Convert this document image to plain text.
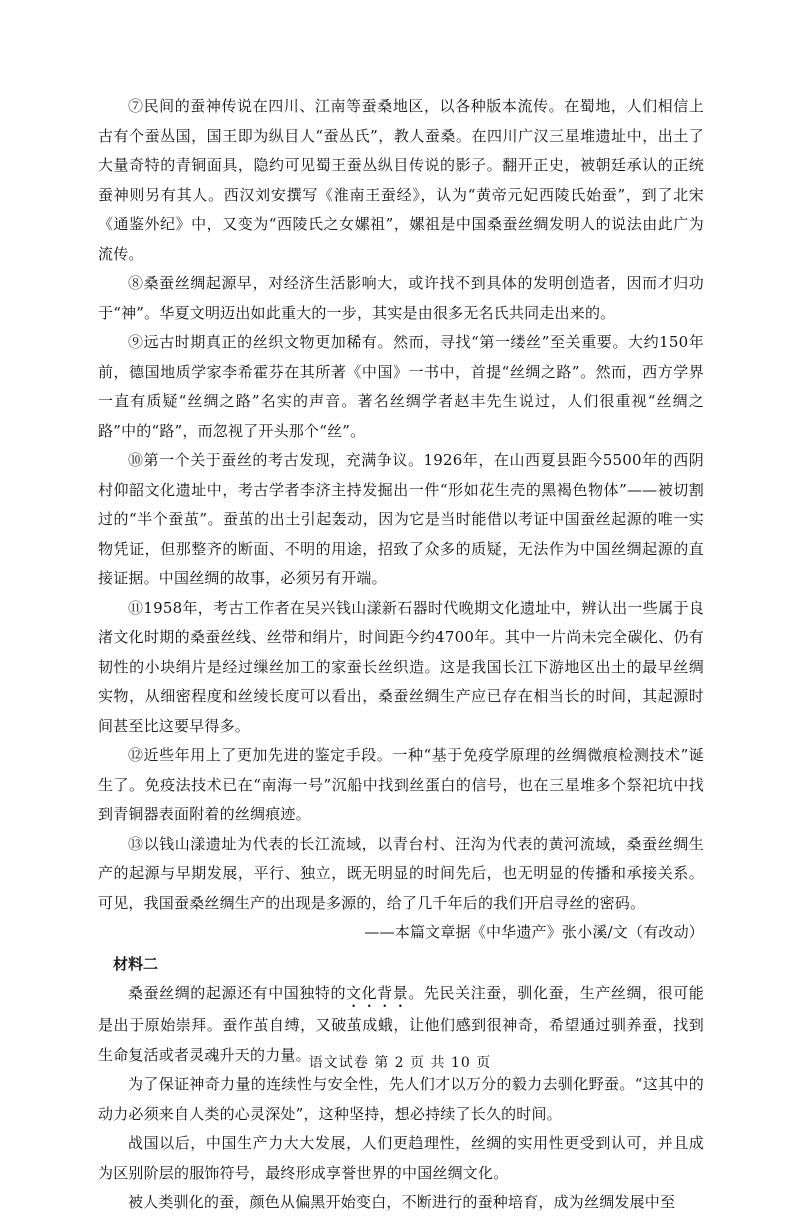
⑦民间的蚕神传说在四川、江南等蚕桑地区，以各种版本流传。在蜀地，人们相信上古有个蚕丛国，国王即为纵目人“蚕丛氏”，教人蚕桑。在四川广汉三星堆遗址中，出土了大量奇特的青铜面具，隐约可见蜀王蚕丛纵目传说的影子。翻开正史，被朝廷承认的正统蚕神则另有其人。西汉刘安撰写《淮南王蚕经》，认为“黄帝元妃西陵氏始蚕”，到了北宋《通鉴外纪》中，又变为“西陵氏之女嫘祖”，嫘祖是中国桑蚕丝绸发明人的说法由此广为流传。

⑧桑蚕丝绸起源早，对经济生活影响大，或许找不到具体的发明创造者，因而才归功于“神”。华夏文明迈出如此重大的一步，其实是由很多无名氏共同走出来的。

⑨远古时期真正的丝织文物更加稀有。然而，寻找“第一缕丝”至关重要。大约150年前，德国地质学家李希霍芬在其所著《中国》一书中，首提“丝绸之路”。然而，西方学界一直有质疑“丝绸之路”名实的声音。著名丝绸学者赵丰先生说过，人们很重视“丝绸之路”中的“路”，而忽视了开头那个“丝”。

⑩第一个关于蚕丝的考古发现，充满争议。1926年，在山西夏县距今5500年的西阴村仰韶文化遗址中，考古学者李济主持发掘出一件“形如花生壳的黑褐色物体”——被切割过的“半个蚕茧”。蚕茧的出土引起轰动，因为它是当时能借以考证中国蚕丝起源的唯一实物凭证，但那整齐的断面、不明的用途，招致了众多的质疑，无法作为中国丝绸起源的直接证据。中国丝绸的故事，必须另有开端。

⑪1958年，考古工作者在吴兴钱山漾新石器时代晚期文化遗址中，辨认出一些属于良渚文化时期的桑蚕丝线、丝带和绢片，时间距今约4700年。其中一片尚未完全碳化、仍有韧性的小块绢片是经过缫丝加工的家蚕长丝织造。这是我国长江下游地区出土的最早丝绸实物，从细密程度和丝绫长度可以看出，桑蚕丝绸生产应已存在相当长的时间，其起源时间甚至比这要早得多。

⑫近些年用上了更加先进的鉴定手段。一种“基于免疫学原理的丝绸微痕检测技术”诞生了。免疫法技术已在“南海一号”沉船中找到丝蛋白的信号，也在三星堆多个祭祀坑中找到青铜器表面附着的丝绸痕迹。

⑬以钱山漾遗址为代表的长江流域，以青台村、汪沟为代表的黄河流域，桑蚕丝绸生产的起源与早期发展，平行、独立，既无明显的时间先后，也无明显的传播和承接关系。可见，我国蚕桑丝绸生产的出现是多源的，给了几千年后的我们开启寻丝的密码。

——本篇文章据《中华遗产》张小溪/文（有改动）

材料二

桑蚕丝绸的起源还有中国独特的文化背景。先民关注蚕，驯化蚕，生产丝绸，很可能是出于原始崇拜。蚕作茧自缚，又破茧成蛾，让他们感到很神奇，希望通过驯养蚕，找到生命复活或者灵魂升天的力量。

为了保证神奇力量的连续性与安全性，先人们才以万分的毅力去驯化野蚕。“这其中的动力必须来自人类的心灵深处”，这种坚持，想必持续了长久的时间。

战国以后，中国生产力大大发展，人们更趋理性，丝绸的实用性更受到认可，并且成为区别阶层的服饰符号，最终形成享誉世界的中国丝绸文化。

被人类驯化的蚕，颜色从偏黑开始变白，不断进行的蚕种培育，成为丝绸发展中至

语文试卷 第 2 页 共 10 页
